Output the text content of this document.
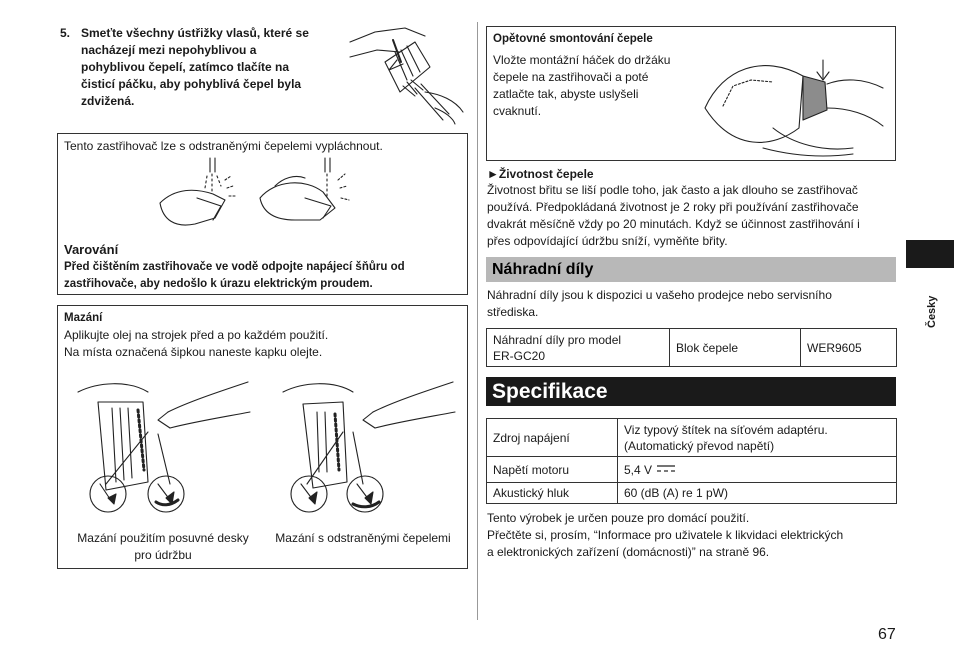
5. Smeťte všechny ústřižky vlasů, které se
nacházejí mezi nepohyblivou a
pohyblivou čepelí, zatímco tlačíte na
čisticí páčku, aby pohyblivá čepel byla
zdvižená.
Tento zastřihovač lze s odstraněnými čepelemi vypláchnout.
Varování
Před čištěním zastřihovače ve vodě odpojte napájecí šňůru od
zastřihovače, aby nedošlo k úrazu elektrickým proudem.
Mazání
Aplikujte olej na strojek před a po každém použití.
Na místa označená šipkou naneste kapku olejte.
Mazání použitím posuvné desky
pro údržbu
Mazání s odstraněnými čepelemi
Opětovné smontování čepele
Vložte montážní háček do držáku
čepele na zastřihovači a poté
zatlačte tak, abyste uslyšeli
cvaknutí.
►Životnost čepele
Životnost břitu se liší podle toho, jak často a jak dlouho se zastřihovač
používá. Předpokládaná životnost je 2 roky při používání zastřihovače
dvakrát měsíčně vždy po 20 minutách. Když se účinnost zastřihování i
přes odpovídající údržbu sníží, vyměňte břity.
Náhradní díly
Náhradní díly jsou k dispozici u vašeho prodejce nebo servisního
střediska.
Náhradní díly pro model
ER-GC20
	Blok čepele	WER9605
Specifikace
Zdroj napájení	Viz typový štítek na síťovém adaptéru.
(Automatický převod napětí)

Napětí motoru	5,4 V
Akustický hluk	60 (dB (A) re 1 pW)
Tento výrobek je určen pouze pro domácí použití.
Přečtěte si, prosím, “Informace pro uživatele k likvidaci elektrických
a elektronických zařízení (domácnosti)” na straně 96.
Česky
67
